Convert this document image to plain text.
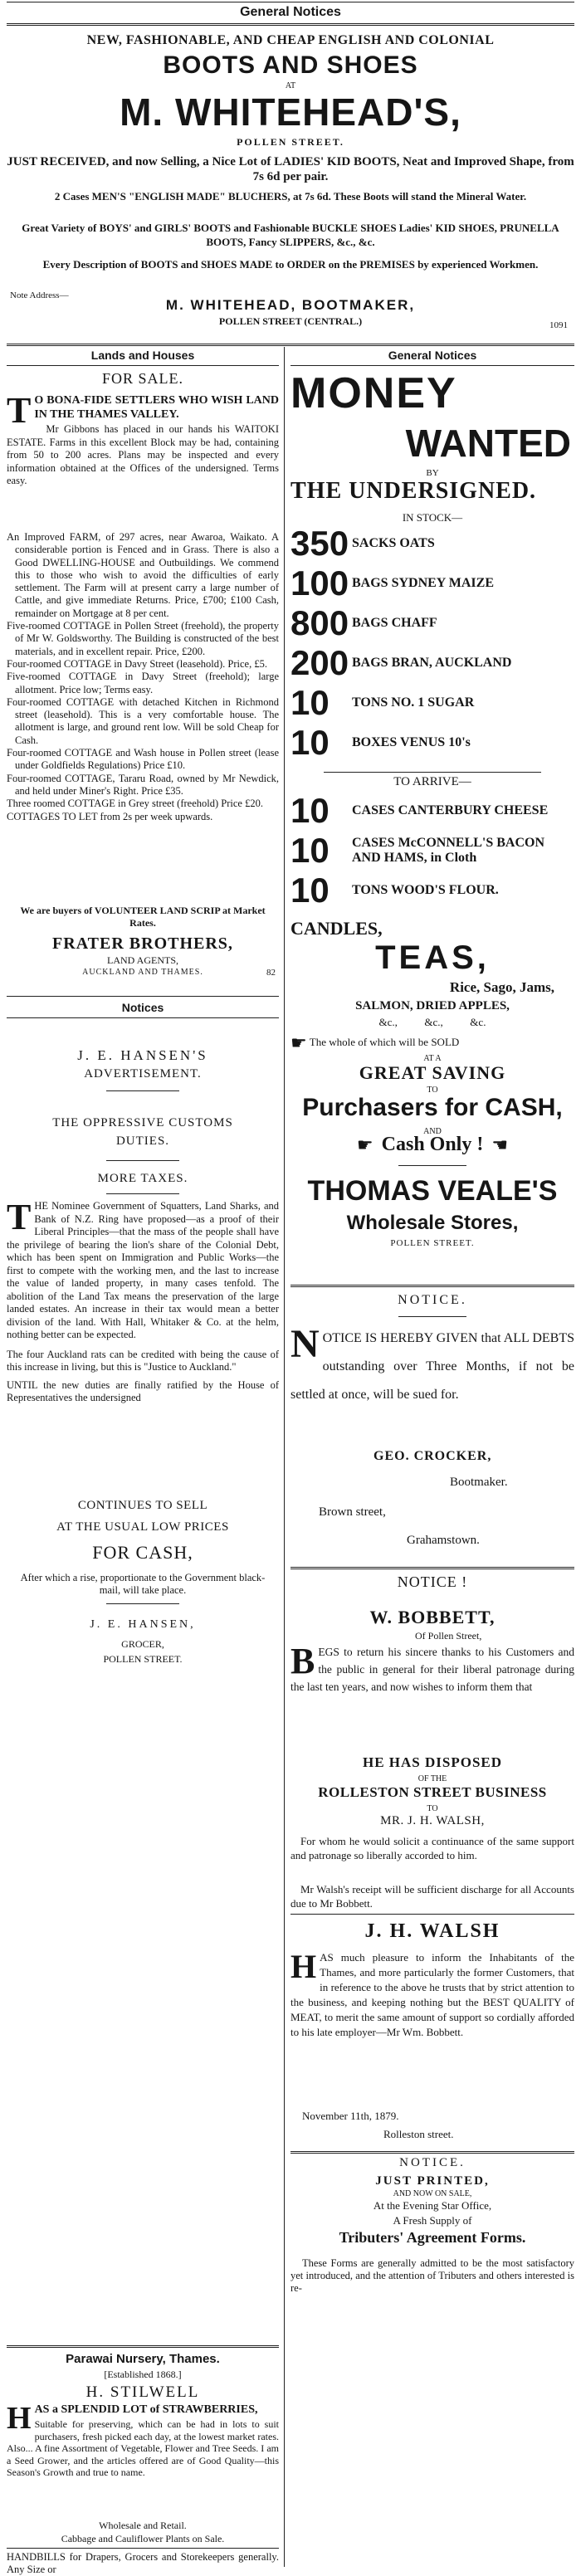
General Notices
NEW, FASHIONABLE, AND CHEAP ENGLISH AND COLONIAL
BOOTS AND SHOES
AT
M. WHITEHEAD'S,
POLLEN STREET.
JUST RECEIVED, and now Selling, a Nice Lot of LADIES' KID BOOTS, Neat and Improved Shape, from 7s 6d per pair.
2 Cases MEN'S "ENGLISH MADE" BLUCHERS, at 7s 6d. These Boots will stand the Mineral Water.
Great Variety of BOYS' and GIRLS' BOOTS and Fashionable BUCKLE SHOES Ladies' KID SHOES, PRUNELLA BOOTS, Fancy SLIPPERS, &c., &c.
Every Description of BOOTS and SHOES MADE to ORDER on the PREMISES by experienced Workmen.
Note Address—
M. WHITEHEAD, BOOTMAKER,
POLLEN STREET (CENTRAL.)	1091
Lands and Houses
FOR SALE.
T O BONA-FIDE SETTLERS WHO WISH LAND IN THE THAMES VALLEY.

Mr Gibbons has placed in our hands his WAITOKI ESTATE. Farms in this excellent Block may be had, containing from 50 to 200 acres. Plans may be inspected and every information obtained at the Offices of the undersigned. Terms easy.

An Improved FARM, of 297 acres, near Awaroa, Waikato. A considerable portion is Fenced and in Grass. There is also a Good DWELLING-HOUSE and Outbuildings. We commend this to those who wish to avoid the difficulties of early settlement. The Farm will at present carry a large number of Cattle, and give immediate Returns. Price, £700; £100 Cash, remainder on Mortgage at 8 per cent.

Five-roomed COTTAGE in Pollen Street (freehold), the property of Mr W. Goldsworthy. The Building is constructed of the best materials, and in excellent repair. Price, £200.

Four-roomed COTTAGE in Davy Street (leasehold). Price, £5.

Five-roomed COTTAGE in Davy Street (freehold); large allotment. Price low; Terms easy.

Four-roomed COTTAGE with detached Kitchen in Richmond street (leasehold). This is a very comfortable house. The allotment is large, and ground rent low. Will be sold Cheap for Cash.

Four-roomed COTTAGE and Wash house in Pollen street (lease under Goldfields Regulations) Price £10.

Four-roomed COTTAGE, Tararu Road, owned by Mr Newdick, and held under Miner's Right. Price £35.

Three roomed COTTAGE in Grey street (freehold) Price £20.

COTTAGES TO LET from 2s per week upwards.

We are buyers of VOLUNTEER LAND SCRIP at Market Rates.
FRATER BROTHERS,
LAND AGENTS,
AUCKLAND AND THAMES.	82
Notices
J. E. HANSEN'S
ADVERTISEMENT.
THE OPPRESSIVE CUSTOMS DUTIES.
MORE TAXES.
T HE Nominee Government of Squatters, Land Sharks, and Bank of N.Z. Ring have proposed—as a proof of their Liberal Principles—that the mass of the people shall have the privilege of bearing the lion's share of the Colonial Debt, which has been spent on Immigration and Public Works—the first to compete with the working men, and the last to increase the value of landed property, in many cases tenfold. The abolition of the Land Tax means the preservation of the large landed estates. An increase in their tax would mean a better division of the land. With Hall, Whitaker & Co. at the helm, nothing better can be expected.

The four Auckland rats can be credited with being the cause of this increase in living, but this is "Justice to Auckland."

UNTIL the new duties are finally ratified by the House of Representatives the undersigned

CONTINUES TO SELL
AT THE USUAL LOW PRICES
FOR CASH,
After which a rise, proportionate to the Government black-mail, will take place.
J. E. HANSEN,
GROCER,
POLLEN STREET.
Parawai Nursery, Thames.
[Established 1868.]
H. STILWELL
H AS a SPLENDID LOT of STRAWBERRIES,

Suitable for preserving, which can be had in lots to suit purchasers, fresh picked each day, at the lowest market rates. Also... A fine Assortment of Vegetable, Flower and Tree Seeds. I am a Seed Grower, and the articles offered are of Good Quality—this Season's Growth and true to name.

Wholesale and Retail.
Cabbage and Cauliflower Plants on Sale.
HANDBILLS for Drapers, Grocers and Storekeepers generally. Any Size or
General Notices
MONEY
WANTED
BY
THE UNDERSIGNED.
IN STOCK—
350 SACKS OATS
100 BAGS SYDNEY MAIZE
800 BAGS CHAFF
200 BAGS BRAN, AUCKLAND
10 TONS NO. 1 SUGAR
10 BOXES VENUS 10's
TO ARRIVE—
10 CASES CANTERBURY CHEESE
10 CASES McCONNELL'S BACON AND HAMS, in Cloth
10 TONS WOOD'S FLOUR.
CANDLES,
TEAS,
Rice, Sago, Jams,
SALMON, DRIED APPLES,
&c.,          &c.,          &c.
☛ The whole of which will be SOLD
AT A
GREAT SAVING
TO
Purchasers for CASH,
AND
☛ Cash Only ! ☚
THOMAS VEALE'S
Wholesale Stores,
POLLEN STREET.
NOTICE.
N OTICE IS HEREBY GIVEN that ALL DEBTS outstanding over Three Months, if not be settled at once, will be sued for.

GEO. CROCKER,
Bootmaker.
Brown street,
Grahamstown.
NOTICE !
W. BOBBETT,
Of Pollen Street,
B EGS to return his sincere thanks to his Customers and the public in general for their liberal patronage during the last ten years, and now wishes to inform them that

HE HAS DISPOSED
OF THE
ROLLESTON STREET BUSINESS
TO
MR. J. H. WALSH,
For whom he would solicit a continuance of the same support and patronage so liberally accorded to him.
Mr Walsh's receipt will be sufficient discharge for all Accounts due to Mr Bobbett.
J. H. WALSH
H AS much pleasure to inform the Inhabitants of the Thames, and more particularly the former Customers, that in reference to the above he trusts that by strict attention to the business, and keeping nothing but the BEST QUALITY of MEAT, to merit the same amount of support so cordially afforded to his late employer—Mr Wm. Bobbett.

November 11th, 1879.
Rolleston street.
NOTICE.
JUST PRINTED,
AND NOW ON SALE,
At the Evening Star Office,
A Fresh Supply of
Tributers' Agreement Forms.
These Forms are generally admitted to be the most satisfactory yet introduced, and the attention of Tributers and others interested is re-
